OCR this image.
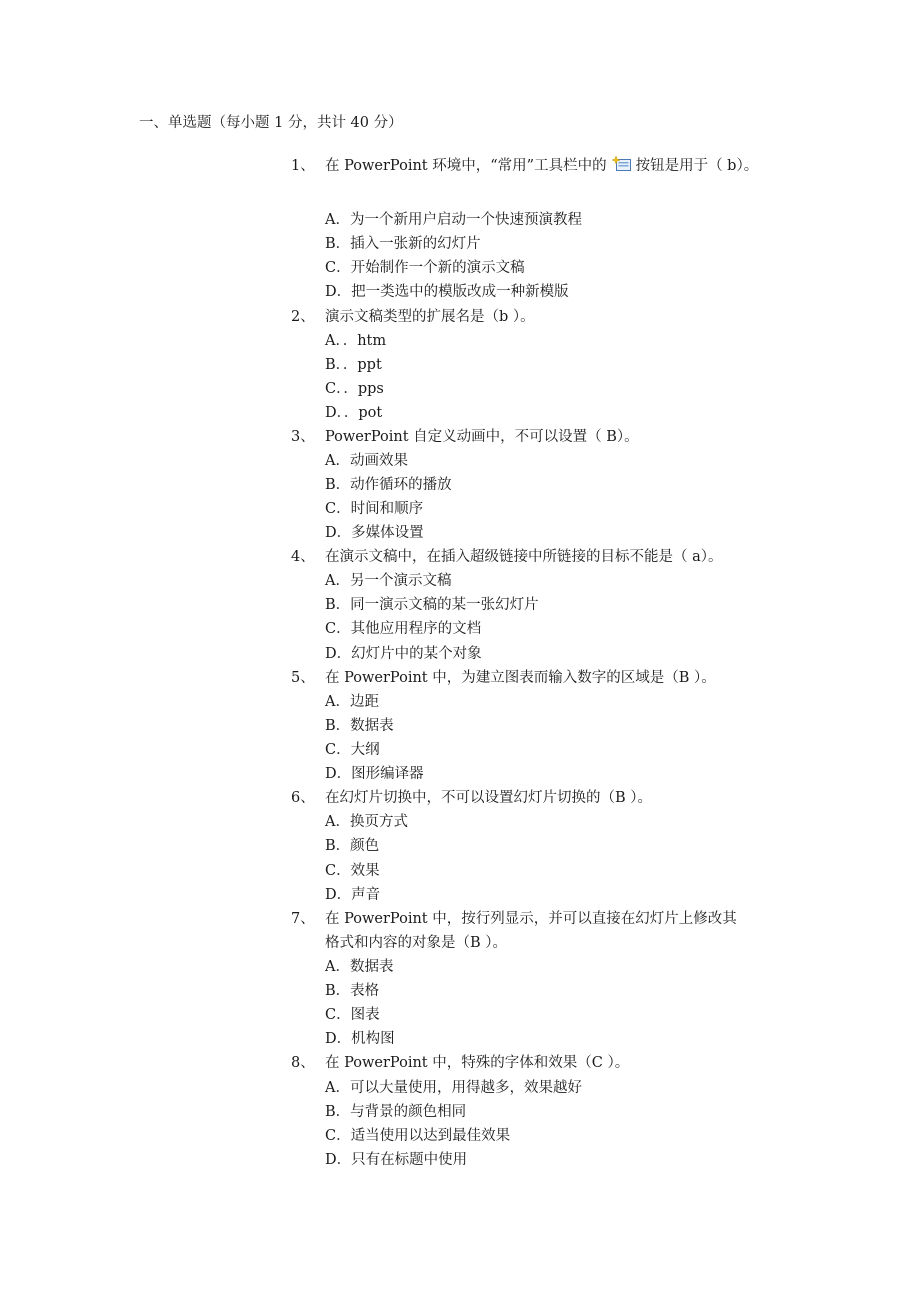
一、单选题（每小题 1 分，共计 40 分）
1、 在 PowerPoint 环境中，“常用”工具栏中的 按钮是用于（ b）。
A．为一个新用户启动一个快速预演教程
B．插入一张新的幻灯片
C．开始制作一个新的演示文稿
D．把一类选中的模版改成一种新模版
2、 演示文稿类型的扩展名是（b ）。
A．．htm
B．．ppt
C．．pps
D．．pot
3、 PowerPoint 自定义动画中，不可以设置（ B）。
A．动画效果
B．动作循环的播放
C．时间和顺序
D．多媒体设置
4、 在演示文稿中，在插入超级链接中所链接的目标不能是（ a）。
A．另一个演示文稿
B．同一演示文稿的某一张幻灯片
C．其他应用程序的文档
D．幻灯片中的某个对象
5、 在 PowerPoint 中，为建立图表而输入数字的区域是（B ）。
A．边距
B．数据表
C．大纲
D．图形编译器
6、 在幻灯片切换中，不可以设置幻灯片切换的（B ）。
A．换页方式
B．颜色
C．效果
D．声音
7、 在 PowerPoint 中，按行列显示，并可以直接在幻灯片上修改其
格式和内容的对象是（B ）。
A．数据表
B．表格
C．图表
D．机构图
8、 在 PowerPoint 中，特殊的字体和效果（C ）。
A．可以大量使用，用得越多，效果越好
B．与背景的颜色相同
C．适当使用以达到最佳效果
D．只有在标题中使用
